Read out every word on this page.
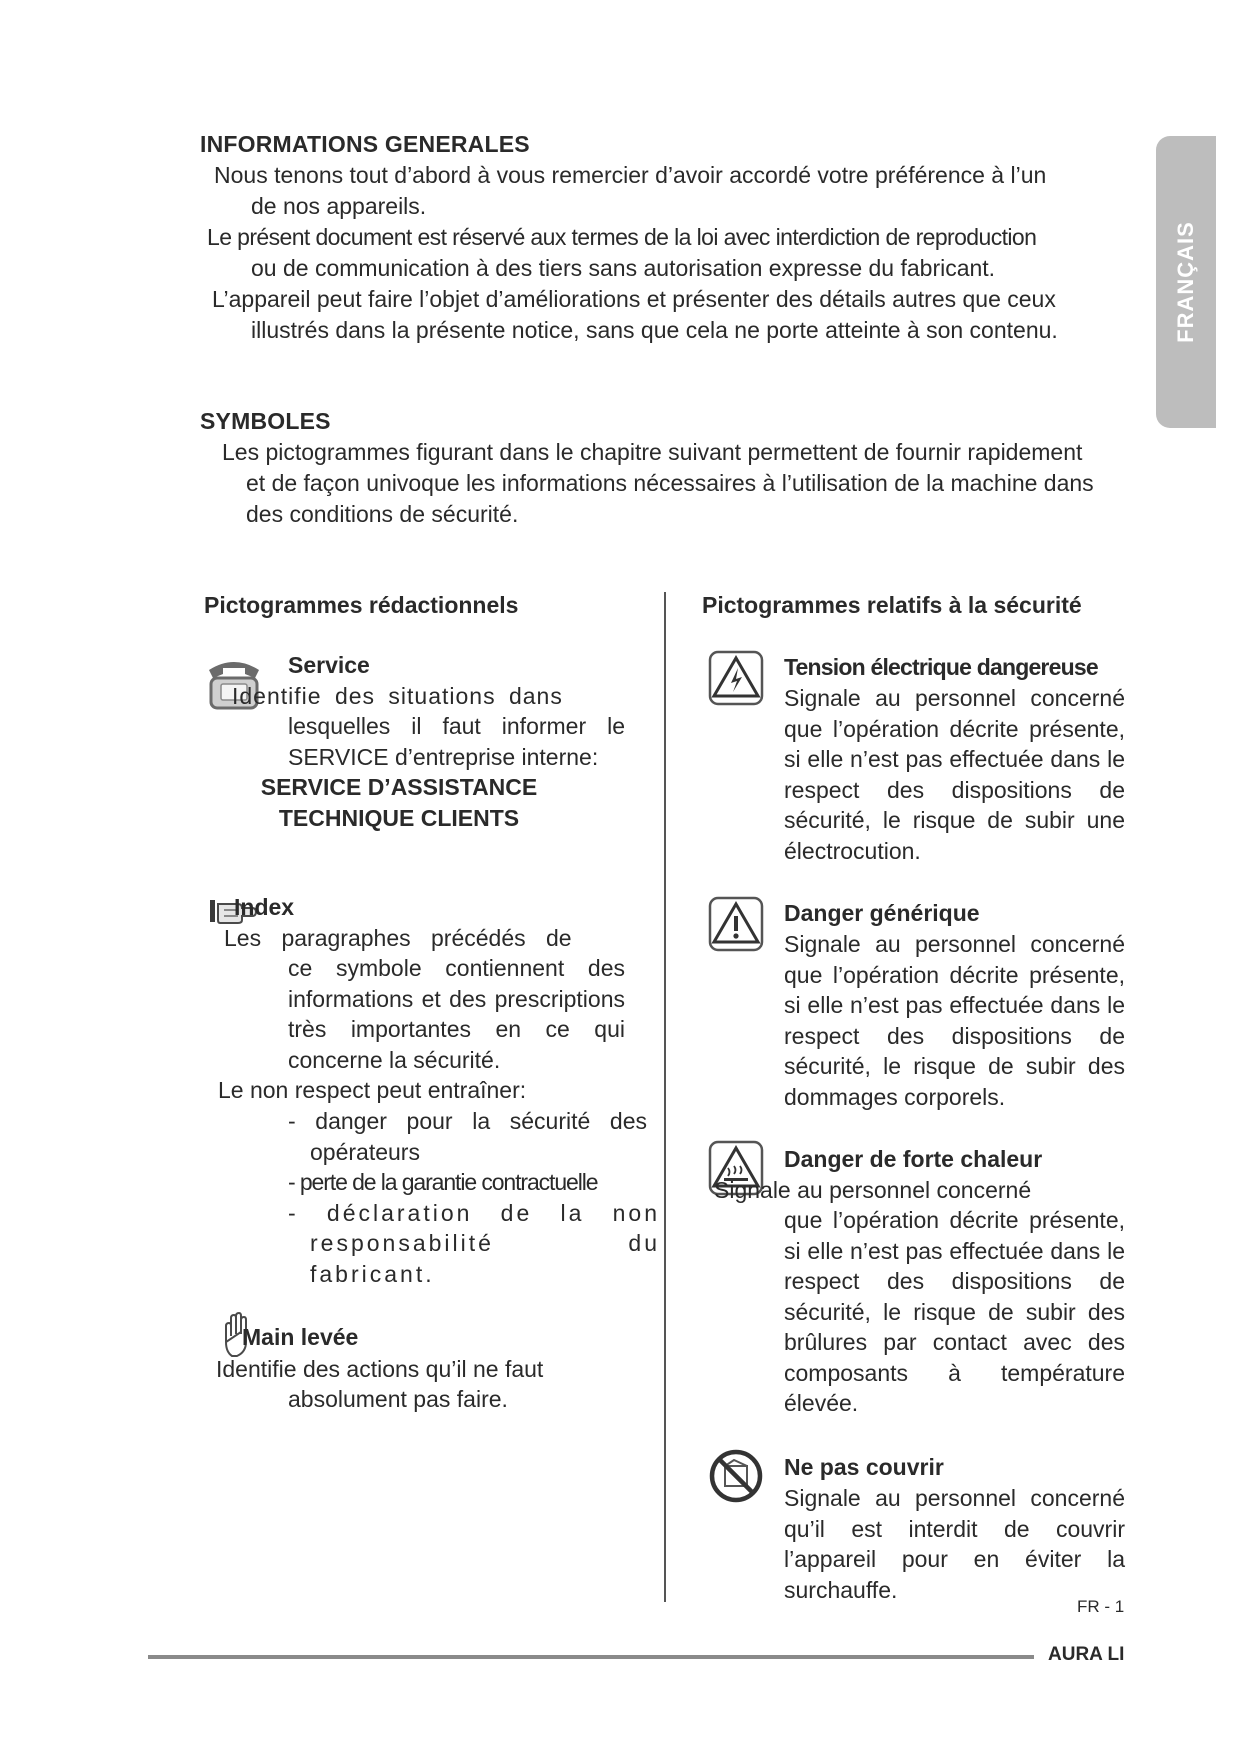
FRANÇAIS
INFORMATIONS GENERALES
Nous tenons tout d’abord à vous remercier d’avoir accordé votre préférence à l’un
de nos appareils.
Le présent document est réservé aux termes de la loi avec interdiction de reproduction
ou de communication à des tiers sans autorisation expresse du fabricant.
L’appareil peut faire l’objet d’améliorations et présenter des détails autres que ceux
illustrés dans la présente notice, sans que cela ne porte atteinte à son contenu.
SYMBOLES
Les pictogrammes figurant dans le chapitre suivant permettent de fournir rapidement
et de façon univoque les informations nécessaires à l’utilisation de la machine dans
des conditions de sécurité.
Pictogrammes rédactionnels
Service
Identifie des situations dans
lesquelles il faut informer le SERVICE d’entreprise interne:
SERVICE D’ASSISTANCE
TECHNIQUE CLIENTS
Index
Les paragraphes précédés de
ce symbole contiennent des informations et des prescriptions très importantes en ce qui concerne la sécurité.
Le non respect peut entraîner:
- danger pour la sécurité des opérateurs
- perte de la garantie contractuelle
- déclaration de la non responsabilité du fabricant.
Main levée
Identifie des actions qu’il ne faut
absolument pas faire.
Pictogrammes relatifs à la sécurité
Tension électrique dangereuse
Signale au personnel concerné que l’opération décrite présente, si elle n’est pas effectuée dans le respect des dispositions de sécurité, le risque de subir une électrocution.
Danger générique
Signale au personnel concerné que l’opération décrite présente, si elle n’est pas effectuée dans le respect des dispositions de sécurité, le risque de subir des dommages corporels.
Danger de forte chaleur
Signale au personnel concerné
que l’opération décrite présente, si elle n’est pas effectuée dans le respect des dispositions de sécurité, le risque de subir des brûlures par contact avec des composants à température élevée.
Ne pas couvrir
Signale au personnel concerné qu’il est interdit de couvrir l’appareil pour en éviter la surchauffe.
FR - 1
AURA LI
